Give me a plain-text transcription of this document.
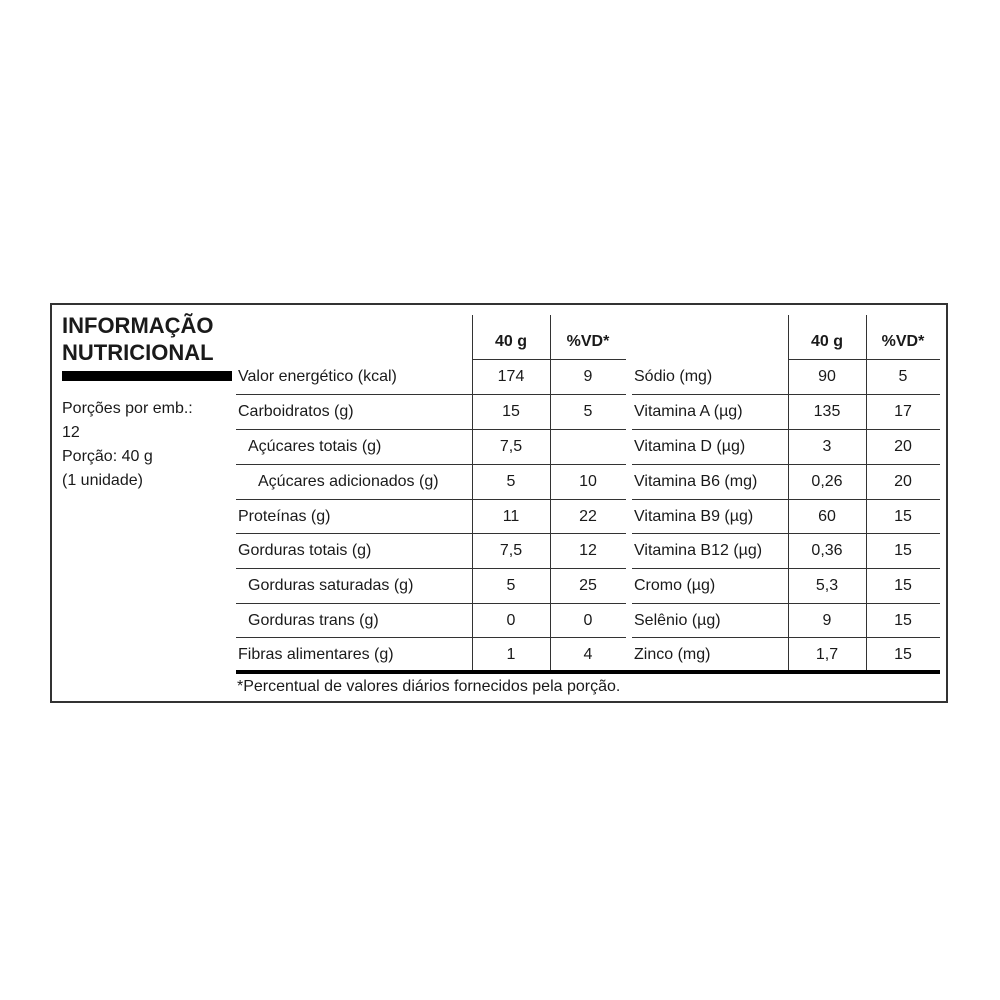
INFORMAÇÃO
NUTRICIONAL
Porções por emb.:
12
Porção: 40 g
(1 unidade)
40 g	%VD*	40 g	%VD*
Valor energético (kcal)	174	9
Carboidratos (g)	15	5
Açúcares totais (g)	7,5
Açúcares adicionados (g)	5	10
Proteínas (g)	11	22
Gorduras totais (g)	7,5	12
Gorduras saturadas (g)	5	25
Gorduras trans (g)	0	0
Fibras alimentares (g)	1	4
Sódio (mg)	90	5
Vitamina A (µg)	135	17
Vitamina D (µg)	3	20
Vitamina B6 (mg)	0,26	20
Vitamina B9 (µg)	60	15
Vitamina B12 (µg)	0,36	15
Cromo (µg)	5,3	15
Selênio (µg)	9	15
Zinco (mg)	1,7	15
*Percentual de valores diários fornecidos pela porção.
